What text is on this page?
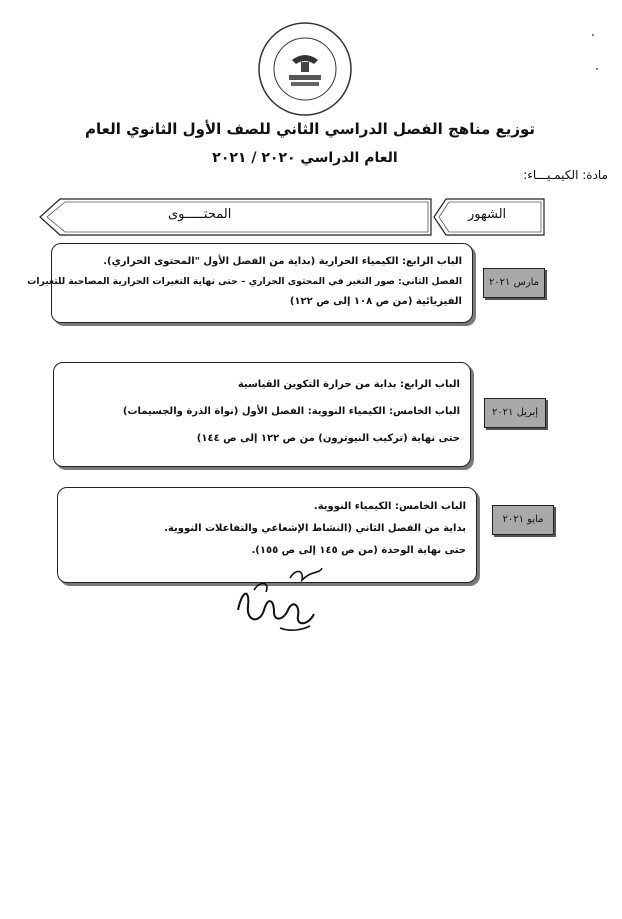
توزيع مناهج الفصل الدراسي الثاني للصف الأول الثانوي العام
العام الدراسي ٢٠٢٠ / ٢٠٢١
مادة: الكيمـيـــاء:
المحتـــــوى	الشهور
مارس ٢٠٢١
الباب الرابع: الكيمياء الحرارية (بداية من الفصل الأول "المحتوى الحراري).
الفصل الثاني: صور التغير في المحتوى الحراري – حتى نهاية التغيرات الحرارية المصاحبة للتغيرات
الفيزيائية (من ص ١٠٨ إلى ص ١٢٢)
إبريل ٢٠٢١
الباب الرابع: بداية من حرارة التكوين القياسية
الباب الخامس: الكيمياء النووية: الفصل الأول (نواة الذرة والجسيمات)
حتى نهاية (تركيب النيوترون) من ص ١٢٢ إلى ص ١٤٤)
مايو ٢٠٢١
الباب الخامس: الكيمياء النووية.
بداية من الفصل الثاني (النشاط الإشعاعي والتفاعلات النووية.
حتى نهاية الوحدة (من ص ١٤٥ إلى ص ١٥٥).
